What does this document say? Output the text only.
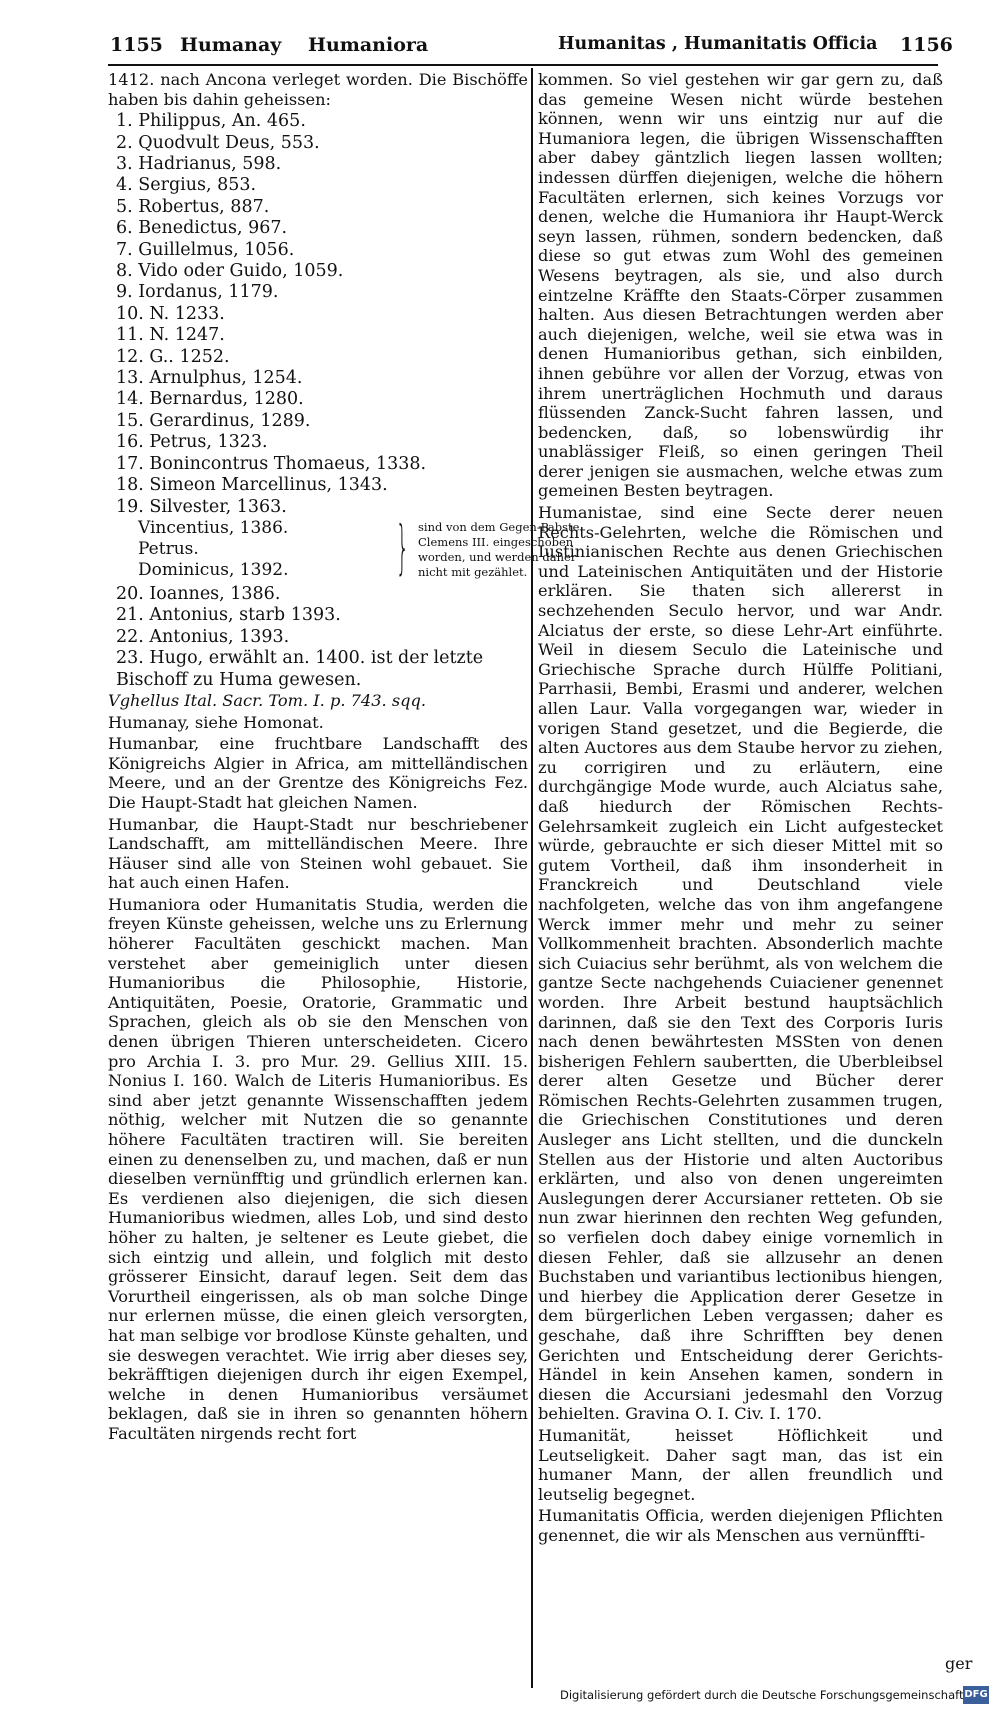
1155 Humanay Humaniora	Humanitas , Humanitatis Officia 1156

1412. nach Ancona verleget worden. Die Bischöffe haben bis dahin geheissen:

1. Philippus, An. 465.
2. Quodvult Deus, 553.
3. Hadrianus, 598.
4. Sergius, 853.
5. Robertus, 887.
6. Benedictus, 967.
7. Guillelmus, 1056.
8. Vido oder Guido, 1059.
9. Iordanus, 1179.
10. N. 1233.
11. N. 1247.
12. G.. 1252.
13. Arnulphus, 1254.
14. Bernardus, 1280.
15. Gerardinus, 1289.
16. Petrus, 1323.
17. Bonincontrus Thomaeus, 1338.
18. Simeon Marcellinus, 1343.
19. Silvester, 1363.
Vincentius, 1386.
Petrus.
Dominicus, 1392. } sind von dem Gegen-Pabste Clemens III. eingeschoben worden, und werden daher nicht mit gezählet.
20. Ioannes, 1386.
21. Antonius, starb 1393.
22. Antonius, 1393.
23. Hugo, erwählt an. 1400. ist der letzte Bischoff zu Huma gewesen.

Vghellus Ital. Sacr. Tom. I. p. 743. sqq.

Humanay, siehe Homonat.

Humanbar, eine fruchtbare Landschafft des Königreichs Algier in Africa, am mittelländischen Meere, und an der Grentze des Königreichs Fez. Die Haupt-Stadt hat gleichen Namen.

Humanbar, die Haupt-Stadt nur beschriebener Landschafft, am mittelländischen Meere. Ihre Häuser sind alle von Steinen wohl gebauet. Sie hat auch einen Hafen.

Humaniora oder Humanitatis Studia, werden die freyen Künste geheissen, welche uns zu Erlernung höherer Facultäten geschickt machen. Man verstehet aber gemeiniglich unter diesen Humanioribus die Philosophie, Historie, Antiquitäten, Poesie, Oratorie, Grammatic und Sprachen, gleich als ob sie den Menschen von denen übrigen Thieren unterscheideten. Cicero pro Archia I. 3. pro Mur. 29. Gellius XIII. 15. Nonius I. 160. Walch de Literis Humanioribus. Es sind aber jetzt genannte Wissenschafften jedem nöthig, welcher mit Nutzen die so genannte höhere Facultäten tractiren will. Sie bereiten einen zu denenselben zu, und machen, daß er nun dieselben vernünfftig und gründlich erlernen kan. Es verdienen also diejenigen, die sich diesen Humanioribus wiedmen, alles Lob, und sind desto höher zu halten, je seltener es Leute giebet, die sich eintzig und allein, und folglich mit desto grösserer Einsicht, darauf legen. Seit dem das Vorurtheil eingerissen, als ob man solche Dinge nur erlernen müsse, die einen gleich versorgten, hat man selbige vor brodlose Künste gehalten, und sie deswegen verachtet. Wie irrig aber dieses sey, bekräfftigen diejenigen durch ihr eigen Exempel, welche in denen Humanioribus versäumet beklagen, daß sie in ihren so genannten höhern Facultäten nirgends recht fort

kommen. So viel gestehen wir gar gern zu, daß das gemeine Wesen nicht würde bestehen können, wenn wir uns eintzig nur auf die Humaniora legen, die übrigen Wissenschafften aber dabey gäntzlich liegen lassen wollten; indessen dürffen diejenigen, welche die höhern Facultäten erlernen, sich keines Vorzugs vor denen, welche die Humaniora ihr Haupt-Werck seyn lassen, rühmen, sondern bedencken, daß diese so gut etwas zum Wohl des gemeinen Wesens beytragen, als sie, und also durch eintzelne Kräffte den Staats-Cörper zusammen halten. Aus diesen Betrachtungen werden aber auch diejenigen, welche, weil sie etwa was in denen Humanioribus gethan, sich einbilden, ihnen gebühre vor allen der Vorzug, etwas von ihrem unerträglichen Hochmuth und daraus flüssenden Zanck-Sucht fahren lassen, und bedencken, daß, so lobenswürdig ihr unablässiger Fleiß, so einen geringen Theil derer jenigen sie ausmachen, welche etwas zum gemeinen Besten beytragen.

Humanistae, sind eine Secte derer neuen Rechts-Gelehrten, welche die Römischen und Iustinianischen Rechte aus denen Griechischen und Lateinischen Antiquitäten und der Historie erklären. Sie thaten sich allererst in sechzehenden Seculo hervor, und war Andr. Alciatus der erste, so diese Lehr-Art einführte. Weil in diesem Seculo die Lateinische und Griechische Sprache durch Hülffe Politiani, Parrhasii, Bembi, Erasmi und anderer, welchen allen Laur. Valla vorgegangen war, wieder in vorigen Stand gesetzet, und die Begierde, die alten Auctores aus dem Staube hervor zu ziehen, zu corrigiren und zu erläutern, eine durchgängige Mode wurde, auch Alciatus sahe, daß hiedurch der Römischen Rechts-Gelehrsamkeit zugleich ein Licht aufgestecket würde, gebrauchte er sich dieser Mittel mit so gutem Vortheil, daß ihm insonderheit in Franckreich und Deutschland viele nachfolgeten, welche das von ihm angefangene Werck immer mehr und mehr zu seiner Vollkommenheit brachten. Absonderlich machte sich Cuiacius sehr berühmt, als von welchem die gantze Secte nachgehends Cuiaciener genennet worden. Ihre Arbeit bestund hauptsächlich darinnen, daß sie den Text des Corporis Iuris nach denen bewährtesten MSSten von denen bisherigen Fehlern saubertten, die Uberbleibsel derer alten Gesetze und Bücher derer Römischen Rechts-Gelehrten zusammen trugen, die Griechischen Constitutiones und deren Ausleger ans Licht stellten, und die dunckeln Stellen aus der Historie und alten Auctoribus erklärten, und also von denen ungereimten Auslegungen derer Accursianer retteten. Ob sie nun zwar hierinnen den rechten Weg gefunden, so verfielen doch dabey einige vornemlich in diesen Fehler, daß sie allzusehr an denen Buchstaben und variantibus lectionibus hiengen, und hierbey die Application derer Gesetze in dem bürgerlichen Leben vergassen; daher es geschahe, daß ihre Schrifften bey denen Gerichten und Entscheidung derer Gerichts-Händel in kein Ansehen kamen, sondern in diesen die Accursiani jedesmahl den Vorzug behielten. Gravina O. I. Civ. I. 170.

Humanität, heisset Höflichkeit und Leutseligkeit. Daher sagt man, das ist ein humaner Mann, der allen freundlich und leutselig begegnet.

Humanitatis Officia, werden diejenigen Pflichten genennet, die wir als Menschen aus vernünffti-

ger
Digitalisierung gefördert durch die Deutsche Forschungsgemeinschaft DFG
